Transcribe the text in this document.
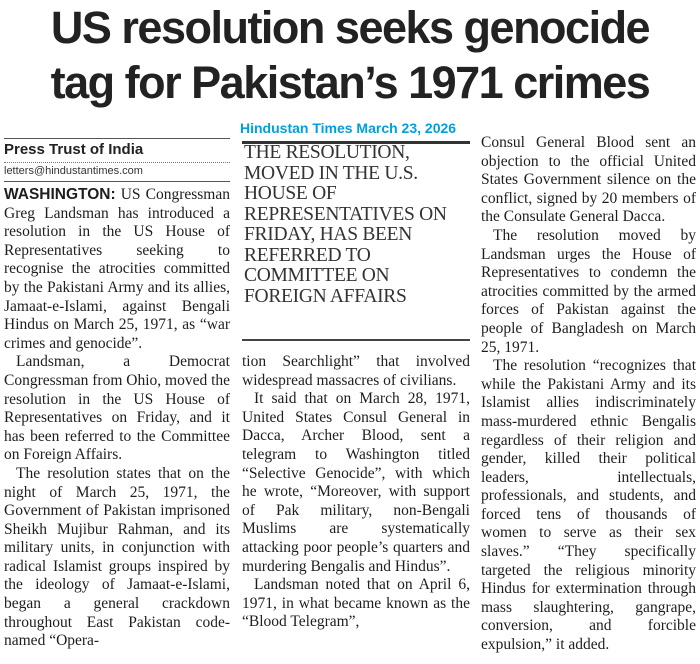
US resolution seeks genocide
tag for Pakistan’s 1971 crimes
Hindustan Times March 23, 2026
Press Trust of India
letters@hindustantimes.com

WASHINGTON: US Congressman Greg Landsman has introduced a resolution in the US House of Representatives seeking to recognise the atrocities committed by the Pakistani Army and its allies, Jamaat-e-Islami, against Bengali Hindus on March 25, 1971, as “war crimes and genocide”.

Landsman, a Democrat Congressman from Ohio, moved the resolution in the US House of Representatives on Friday, and it has been referred to the Committee on Foreign Affairs.

The resolution states that on the night of March 25, 1971, the Government of Pakistan imprisoned Sheikh Mujibur Rahman, and its military units, in conjunction with radical Islamist groups inspired by the ideology of Jamaat-e-Islami, began a general crackdown throughout East Pakistan code-named “Opera-

THE RESOLUTION, MOVED IN THE U.S. HOUSE OF REPRESENTATIVES ON FRIDAY, HAS BEEN REFERRED TO COMMITTEE ON FOREIGN AFFAIRS

tion Searchlight” that involved widespread massacres of civilians.

It said that on March 28, 1971, United States Consul General in Dacca, Archer Blood, sent a telegram to Washington titled “Selective Genocide”, with which he wrote, “Moreover, with support of Pak military, non-Bengali Muslims are systematically attacking poor people’s quarters and murdering Bengalis and Hindus”.

Landsman noted that on April 6, 1971, in what became known as the “Blood Telegram”,

Consul General Blood sent an objection to the official United States Government silence on the conflict, signed by 20 members of the Consulate General Dacca.

The resolution moved by Landsman urges the House of Representatives to condemn the atrocities committed by the armed forces of Pakistan against the people of Bangladesh on March 25, 1971.

The resolution “recognizes that while the Pakistani Army and its Islamist allies indiscriminately mass-murdered ethnic Bengalis regardless of their religion and gender, killed their political leaders, intellectuals, professionals, and students, and forced tens of thousands of women to serve as their sex slaves.” “They specifically targeted the religious minority Hindus for extermination through mass slaughtering, gangrape, conversion, and forcible expulsion,” it added.
